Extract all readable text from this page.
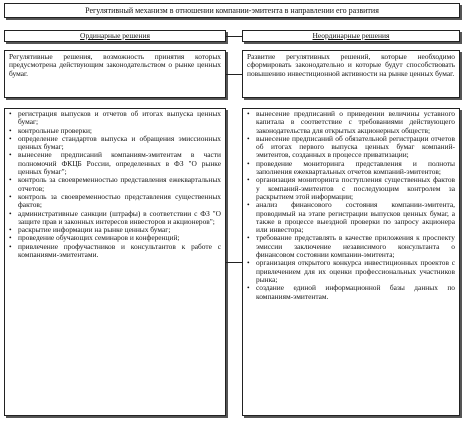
Регулятивный механизм в отношении компании-эмитента в направлении его развития
Ординарные решения	Неординарные решения
Регулятивные решения, возможность принятия которых предусмотрена действующим законодательством о рынке ценных бумаг.
Развитие регулятивных решений, которые необходимо сформировать законодательно и которые будут способствовать повышению инвестиционной активности на рынке ценных бумаг.
• регистрация выпусков и отчетов об итогах выпуска ценных бумаг;
• контрольные проверки;
• определение стандартов выпуска и обращения эмиссионных ценных бумаг;
• вынесение предписаний компаниям-эмитентам в части полномочий ФКЦБ России, определенных в ФЗ "О рынке ценных бумаг";
• контроль за своевременностью представления ежеквартальных отчетов;
• контроль за своевременностью представления существенных фактов;
• административные санкции (штрафы) в соответствии с ФЗ "О защите прав и законных интересов инвесторов и акционеров";
• раскрытие информации на рынке ценных бумаг;
• проведение обучающих семинаров и конференций;
• привлечение профучастников и консультантов к работе с компаниями-эмитентами.
• вынесение предписаний о приведении величины уставного капитала в соответствие с требованиями действующего законодательства для открытых акционерных обществ;
• вынесение предписаний об обязательной регистрации отчетов об итогах первого выпуска ценных бумаг компаний-эмитентов, созданных в процессе приватизации;
• проведение мониторинга представления и полноты заполнения ежеквартальных отчетов компаний-эмитентов;
• организация мониторинга поступления существенных фактов у компаний-эмитентов с последующим контролем за раскрытием этой информации;
• анализ финансового состояния компании-эмитента, проводимый на этапе регистрации выпусков ценных бумаг, а также в процессе выездной проверки по запросу акционера или инвестора;
• требование представлять в качестве приложения к проспекту эмиссии заключение независимого консультанта о финансовом состоянии компании-эмитента;
• организация открытого конкурса инвестиционных проектов с привлечением для их оценки профессиональных участников рынка;
• создание единой информационной базы данных по компаниям-эмитентам.
